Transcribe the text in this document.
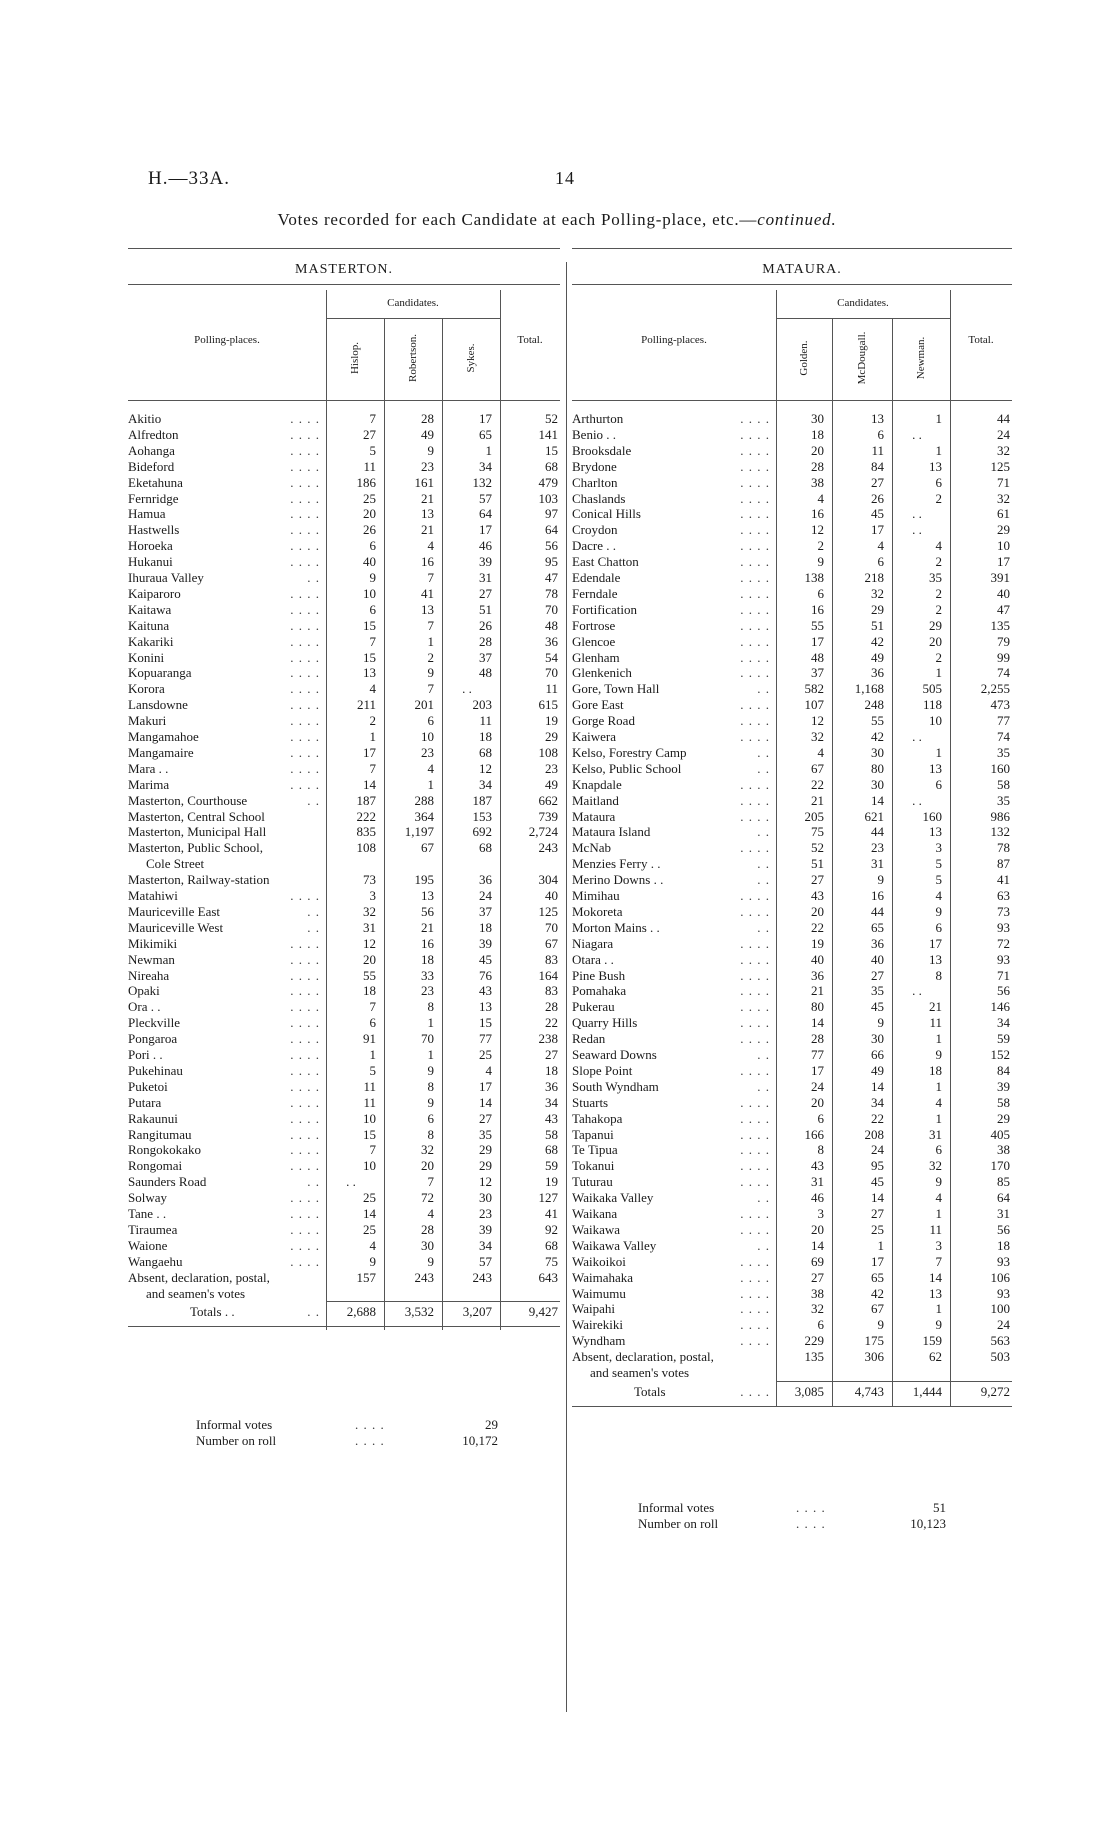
H.—33A.	14
Votes recorded for each Candidate at each Polling-place, etc.—continued.
MASTERTON.
Candidates.
Polling-places.	Total.
Hislop.	Robertson.	Sykes.
Akitio	. . . .	7	28	17	52
Alfredton	. . . .	27	49	65	141
Aohanga	. . . .	5	9	1	15
Bideford	. . . .	11	23	34	68
Eketahuna	. . . .	186	161	132	479
Fernridge	. . . .	25	21	57	103
Hamua	. . . .	20	13	64	97
Hastwells	. . . .	26	21	17	64
Horoeka	. . . .	6	4	46	56
Hukanui	. . . .	40	16	39	95
Ihuraua Valley	. .	9	7	31	47
Kaiparoro	. . . .	10	41	27	78
Kaitawa	. . . .	6	13	51	70
Kaituna	. . . .	15	7	26	48
Kakariki	. . . .	7	1	28	36
Konini	. . . .	15	2	37	54
Kopuaranga	. . . .	13	9	48	70
Korora	. . . .	4	7	. .	11
Lansdowne	. . . .	211	201	203	615
Makuri	. . . .	2	6	11	19
Mangamahoe	. . . .	1	10	18	29
Mangamaire	. . . .	17	23	68	108
Mara . .	. . . .	7	4	12	23
Marima	. . . .	14	1	34	49
Masterton, Courthouse	. .	187	288	187	662
Masterton, Central School	222	364	153	739
Masterton, Municipal Hall	835	1,197	692	2,724
Masterton, Public School,	108	67	68	243
Cole Street
Masterton, Railway-station	73	195	36	304
Matahiwi	. . . .	3	13	24	40
Mauriceville East	. .	32	56	37	125
Mauriceville West	. .	31	21	18	70
Mikimiki	. . . .	12	16	39	67
Newman	. . . .	20	18	45	83
Nireaha	. . . .	55	33	76	164
Opaki	. . . .	18	23	43	83
Ora . .	. . . .	7	8	13	28
Pleckville	. . . .	6	1	15	22
Pongaroa	. . . .	91	70	77	238
Pori . .	. . . .	1	1	25	27
Pukehinau	. . . .	5	9	4	18
Puketoi	. . . .	11	8	17	36
Putara	. . . .	11	9	14	34
Rakaunui	. . . .	10	6	27	43
Rangitumau	. . . .	15	8	35	58
Rongokokako	. . . .	7	32	29	68
Rongomai	. . . .	10	20	29	59
Saunders Road	. .	. .	7	12	19
Solway	. . . .	25	72	30	127
Tane . .	. . . .	14	4	23	41
Tiraumea	. . . .	25	28	39	92
Waione	. . . .	4	30	34	68
Wangaehu	. . . .	9	9	57	75
Absent, declaration, postal,	157	243	243	643
and seamen's votes
Totals . .	. .	2,688	3,532	3,207	9,427
Informal votes	. . . .	29
Number on roll	. . . .	10,172
MATAURA.
Candidates.
Polling-places.	Total.
Golden.	McDougall.	Newman.
Arthurton	. . . .	30	13	1	44
Benio . .	. . . .	18	6	. .	24
Brooksdale	. . . .	20	11	1	32
Brydone	. . . .	28	84	13	125
Charlton	. . . .	38	27	6	71
Chaslands	. . . .	4	26	2	32
Conical Hills	. . . .	16	45	. .	61
Croydon	. . . .	12	17	. .	29
Dacre . .	. . . .	2	4	4	10
East Chatton	. . . .	9	6	2	17
Edendale	. . . .	138	218	35	391
Ferndale	. . . .	6	32	2	40
Fortification	. . . .	16	29	2	47
Fortrose	. . . .	55	51	29	135
Glencoe	. . . .	17	42	20	79
Glenham	. . . .	48	49	2	99
Glenkenich	. . . .	37	36	1	74
Gore, Town Hall	. .	582	1,168	505	2,255
Gore East	. . . .	107	248	118	473
Gorge Road	. . . .	12	55	10	77
Kaiwera	. . . .	32	42	. .	74
Kelso, Forestry Camp	. .	4	30	1	35
Kelso, Public School	. .	67	80	13	160
Knapdale	. . . .	22	30	6	58
Maitland	. . . .	21	14	. .	35
Mataura	. . . .	205	621	160	986
Mataura Island	. .	75	44	13	132
McNab	. . . .	52	23	3	78
Menzies Ferry . .	. .	51	31	5	87
Merino Downs . .	. .	27	9	5	41
Mimihau	. . . .	43	16	4	63
Mokoreta	. . . .	20	44	9	73
Morton Mains . .	. .	22	65	6	93
Niagara	. . . .	19	36	17	72
Otara . .	. . . .	40	40	13	93
Pine Bush	. . . .	36	27	8	71
Pomahaka	. . . .	21	35	. .	56
Pukerau	. . . .	80	45	21	146
Quarry Hills	. . . .	14	9	11	34
Redan	. . . .	28	30	1	59
Seaward Downs	. .	77	66	9	152
Slope Point	. . . .	17	49	18	84
South Wyndham	. .	24	14	1	39
Stuarts	. . . .	20	34	4	58
Tahakopa	. . . .	6	22	1	29
Tapanui	. . . .	166	208	31	405
Te Tipua	. . . .	8	24	6	38
Tokanui	. . . .	43	95	32	170
Tuturau	. . . .	31	45	9	85
Waikaka Valley	. .	46	14	4	64
Waikana	. . . .	3	27	1	31
Waikawa	. . . .	20	25	11	56
Waikawa Valley	. .	14	1	3	18
Waikoikoi	. . . .	69	17	7	93
Waimahaka	. . . .	27	65	14	106
Waimumu	. . . .	38	42	13	93
Waipahi	. . . .	32	67	1	100
Wairekiki	. . . .	6	9	9	24
Wyndham	. . . .	229	175	159	563
Absent, declaration, postal,	135	306	62	503
and seamen's votes
Totals	. . . .	3,085	4,743	1,444	9,272
Informal votes	. . . .	51
Number on roll	. . . .	10,123
